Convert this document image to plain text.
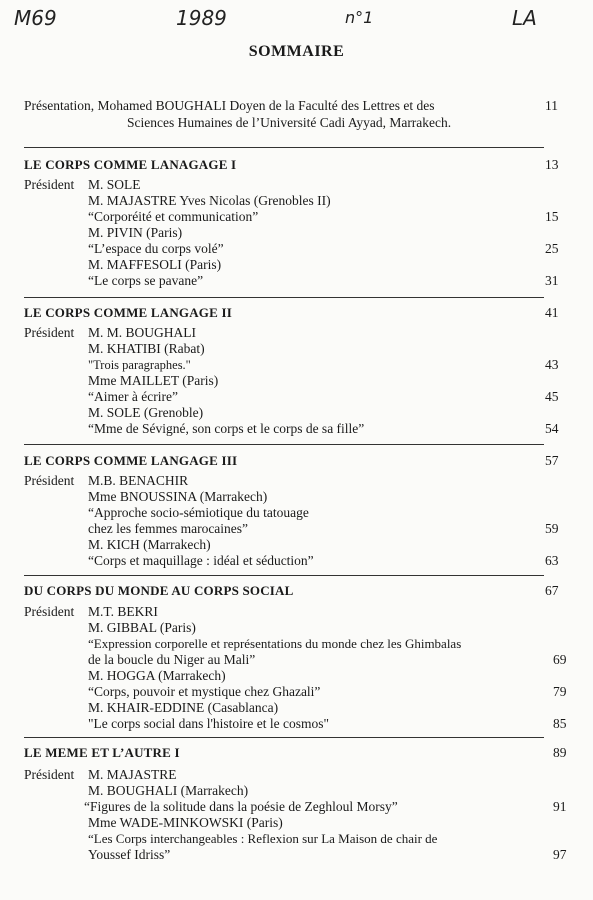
M69	1989	n°1	LA
SOMMAIRE
Présentation, Mohamed BOUGHALI Doyen de la Faculté des Lettres et des	11
Sciences Humaines de l’Université Cadi Ayyad, Marrakech.
LE CORPS COMME LANAGAGE I	13
Président M. SOLE
M. MAJASTRE Yves Nicolas (Grenobles II)
“Corporéité et communication”	15
M. PIVIN (Paris)
“L’espace du corps volé”	25
M. MAFFESOLI (Paris)
“Le corps se pavane”	31
LE CORPS COMME LANGAGE II	41
Président M. M. BOUGHALI
M. KHATIBI (Rabat)
"Trois paragraphes."	43
Mme MAILLET (Paris)
“Aimer à écrire”	45
M. SOLE (Grenoble)
“Mme de Sévigné, son corps et le corps de sa fille”	54
LE CORPS COMME LANGAGE III	57
Président M.B. BENACHIR
Mme BNOUSSINA (Marrakech)
“Approche socio-sémiotique du tatouage
chez les femmes marocaines”	59
M. KICH (Marrakech)
“Corps et maquillage : idéal et séduction”	63
DU CORPS DU MONDE AU CORPS SOCIAL	67
Président M.T. BEKRI
M. GIBBAL (Paris)
“Expression corporelle et représentations du monde chez les Ghimbalas
de la boucle du Niger au Mali”	69
M. HOGGA (Marrakech)
“Corps, pouvoir et mystique chez Ghazali”	79
M. KHAIR-EDDINE (Casablanca)
"Le corps social dans l'histoire et le cosmos"	85
LE MEME ET L’AUTRE I	89
Président M. MAJASTRE
M. BOUGHALI (Marrakech)
“Figures de la solitude dans la poésie de Zeghloul Morsy”	91
Mme WADE-MINKOWSKI (Paris)
“Les Corps interchangeables : Reflexion sur La Maison de chair de
Youssef Idriss”	97
